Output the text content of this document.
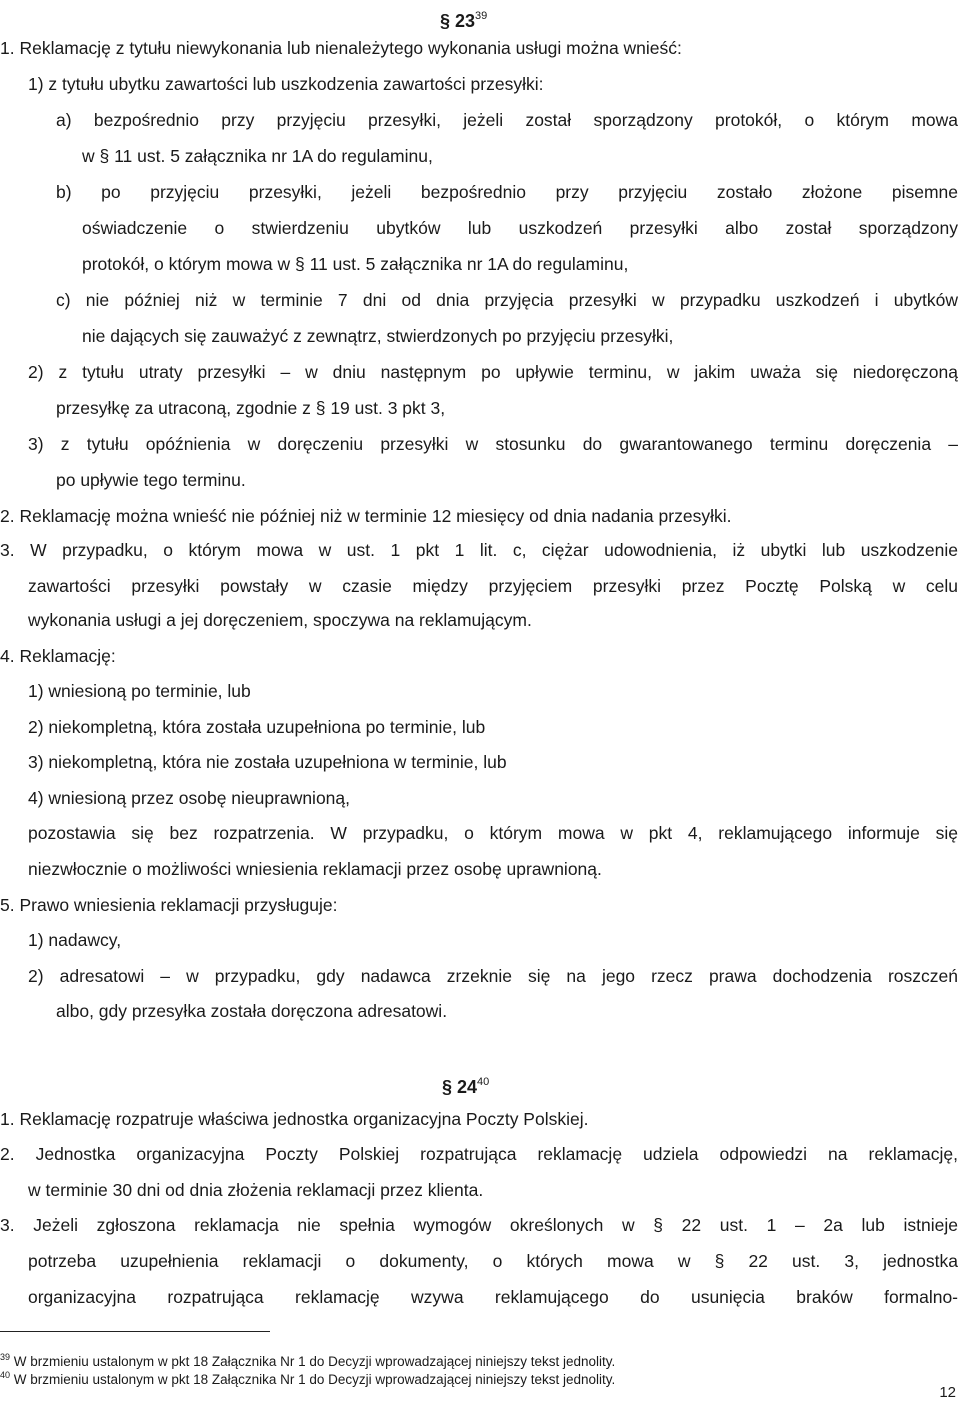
§ $23^{39}$
1. Reklamację z tytułu niewykonania lub nienależytego wykonania usługi można wnieść:
1) z tytułu ubytku zawartości lub uszkodzenia zawartości przesyłki:
a) bezpośrednio przy przyjęciu przesyłki, jeżeli został sporządzony protokół, o którym mowa
w § 11 ust. 5 załącznika nr 1A do regulaminu,
b) po przyjęciu przesyłki, jeżeli bezpośrednio przy przyjęciu zostało złożone pisemne
oświadczenie o stwierdzeniu ubytków lub uszkodzeń przesyłki albo został sporządzony
protokół, o którym mowa w § 11 ust. 5 załącznika nr 1A do regulaminu,
c) nie później niż w terminie 7 dni od dnia przyjęcia przesyłki w przypadku uszkodzeń i ubytków
nie dających się zauważyć z zewnątrz, stwierdzonych po przyjęciu przesyłki,
2) z tytułu utraty przesyłki – w dniu następnym po upływie terminu, w jakim uważa się niedoręczoną
przesyłkę za utraconą, zgodnie z § 19 ust. 3 pkt 3,
3) z tytułu opóźnienia w doręczeniu przesyłki w stosunku do gwarantowanego terminu doręczenia –
po upływie tego terminu.
2. Reklamację można wnieść nie później niż w terminie 12 miesięcy od dnia nadania przesyłki.
3. W przypadku, o którym mowa w ust. 1 pkt 1 lit. c, ciężar udowodnienia, iż ubytki lub uszkodzenie
zawartości przesyłki powstały w czasie między przyjęciem przesyłki przez Pocztę Polską w celu
wykonania usługi a jej doręczeniem, spoczywa na reklamującym.
4. Reklamację:
1) wniesioną po terminie, lub
2) niekompletną, która została uzupełniona po terminie, lub
3) niekompletną, która nie została uzupełniona w terminie, lub
4) wniesioną przez osobę nieuprawnioną,
pozostawia się bez rozpatrzenia. W przypadku, o którym mowa w pkt 4, reklamującego informuje się
niezwłocznie o możliwości wniesienia reklamacji przez osobę uprawnioną.
5. Prawo wniesienia reklamacji przysługuje:
1) nadawcy,
2) adresatowi – w przypadku, gdy nadawca zrzeknie się na jego rzecz prawa dochodzenia roszczeń
albo, gdy przesyłka została doręczona adresatowi.
§ $24^{40}$
1. Reklamację rozpatruje właściwa jednostka organizacyjna Poczty Polskiej.
2. Jednostka organizacyjna Poczty Polskiej rozpatrująca reklamację udziela odpowiedzi na reklamację,
w terminie 30 dni od dnia złożenia reklamacji przez klienta.
3. Jeżeli zgłoszona reklamacja nie spełnia wymogów określonych w § 22 ust. 1 – 2a lub istnieje
potrzeba uzupełnienia reklamacji o dokumenty, o których mowa w § 22 ust. 3, jednostka
organizacyjna rozpatrująca reklamację wzywa reklamującego do usunięcia braków formalno-
$^{39}$ W brzmieniu ustalonym w pkt 18 Załącznika Nr 1 do Decyzji wprowadzającej niniejszy tekst jednolity.
$^{40}$ W brzmieniu ustalonym w pkt 18 Załącznika Nr 1 do Decyzji wprowadzającej niniejszy tekst jednolity.
12
